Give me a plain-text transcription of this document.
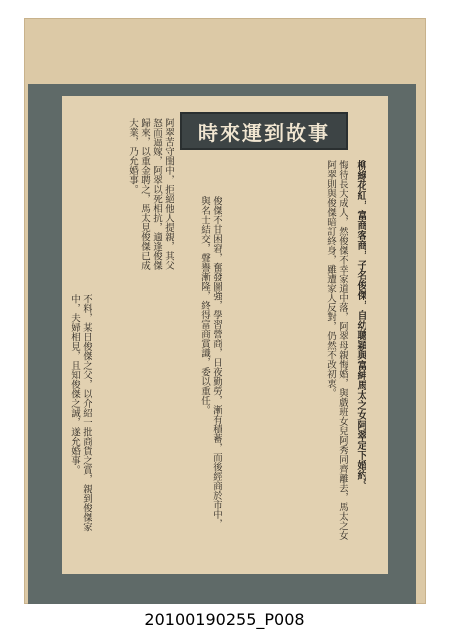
時來運到故事
柳綠花紅，富商客商，子名俊傑，自幼聰穎與富紳馬太之女阿翠定下婚約。
悔待長大成人，然俊傑不幸家道中落，阿翠母親悔婚，與戲班女兒阿秀同齊離去，馬太之女阿翠則與俊傑暗訂終身，雖遭家人反對，仍然不改初衷。
俊傑不甘困窘，奮發圖強，學習營商，日夜勤勞，漸有積蓄，而後經商於市中，與名士結交，聲譽漸隆，終得富商賞識，委以重任。
阿翠苦守閨中，拒絕他人提親，其父怒而逼嫁，阿翠以死相抗，適逢俊傑歸來，以重金聘之，馬太見俊傑已成大業，乃允婚事。
不料，某日俊傑之父，以介紹一批商貨之賞，親到俊傑家中，夫婦相見，且知俊傑之誠，遂允婚事。
20100190255_P008
